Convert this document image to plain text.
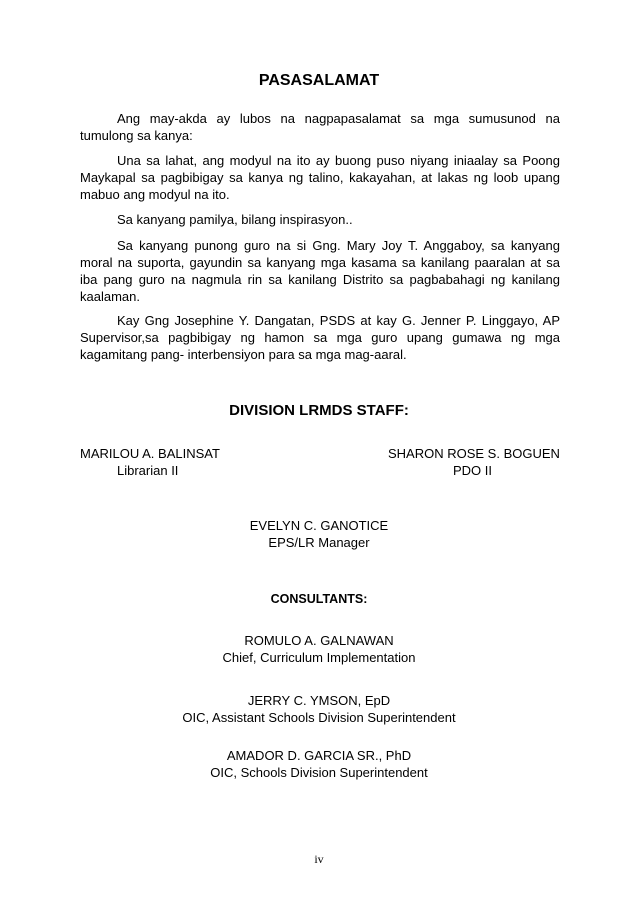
PASASALAMAT
Ang may-akda ay lubos na nagpapasalamat sa mga sumusunod na tumulong sa kanya:
Una sa lahat, ang modyul na ito ay buong puso niyang iniaalay sa Poong Maykapal sa pagbibigay sa kanya ng talino, kakayahan, at lakas ng loob upang mabuo ang modyul na ito.
Sa kanyang pamilya, bilang inspirasyon..
Sa kanyang punong guro na si Gng. Mary Joy T. Anggaboy, sa kanyang moral na suporta, gayundin sa kanyang mga kasama sa kanilang paaralan at sa iba pang guro na nagmula rin sa kanilang Distrito sa pagbabahagi ng kanilang kaalaman.
Kay Gng Josephine Y. Dangatan, PSDS at kay G. Jenner P. Linggayo, AP Supervisor,sa pagbibigay ng hamon sa mga guro upang gumawa ng mga kagamitang pang- interbensiyon para sa mga mag-aaral.
DIVISION LRMDS STAFF:
MARILOU A. BALINSAT
Librarian II
SHARON ROSE S. BOGUEN
PDO II
EVELYN C. GANOTICE
EPS/LR Manager
CONSULTANTS:
ROMULO A. GALNAWAN
Chief, Curriculum Implementation
JERRY C. YMSON, EpD
OIC, Assistant Schools Division Superintendent
AMADOR D. GARCIA SR., PhD
OIC, Schools Division Superintendent
iv
